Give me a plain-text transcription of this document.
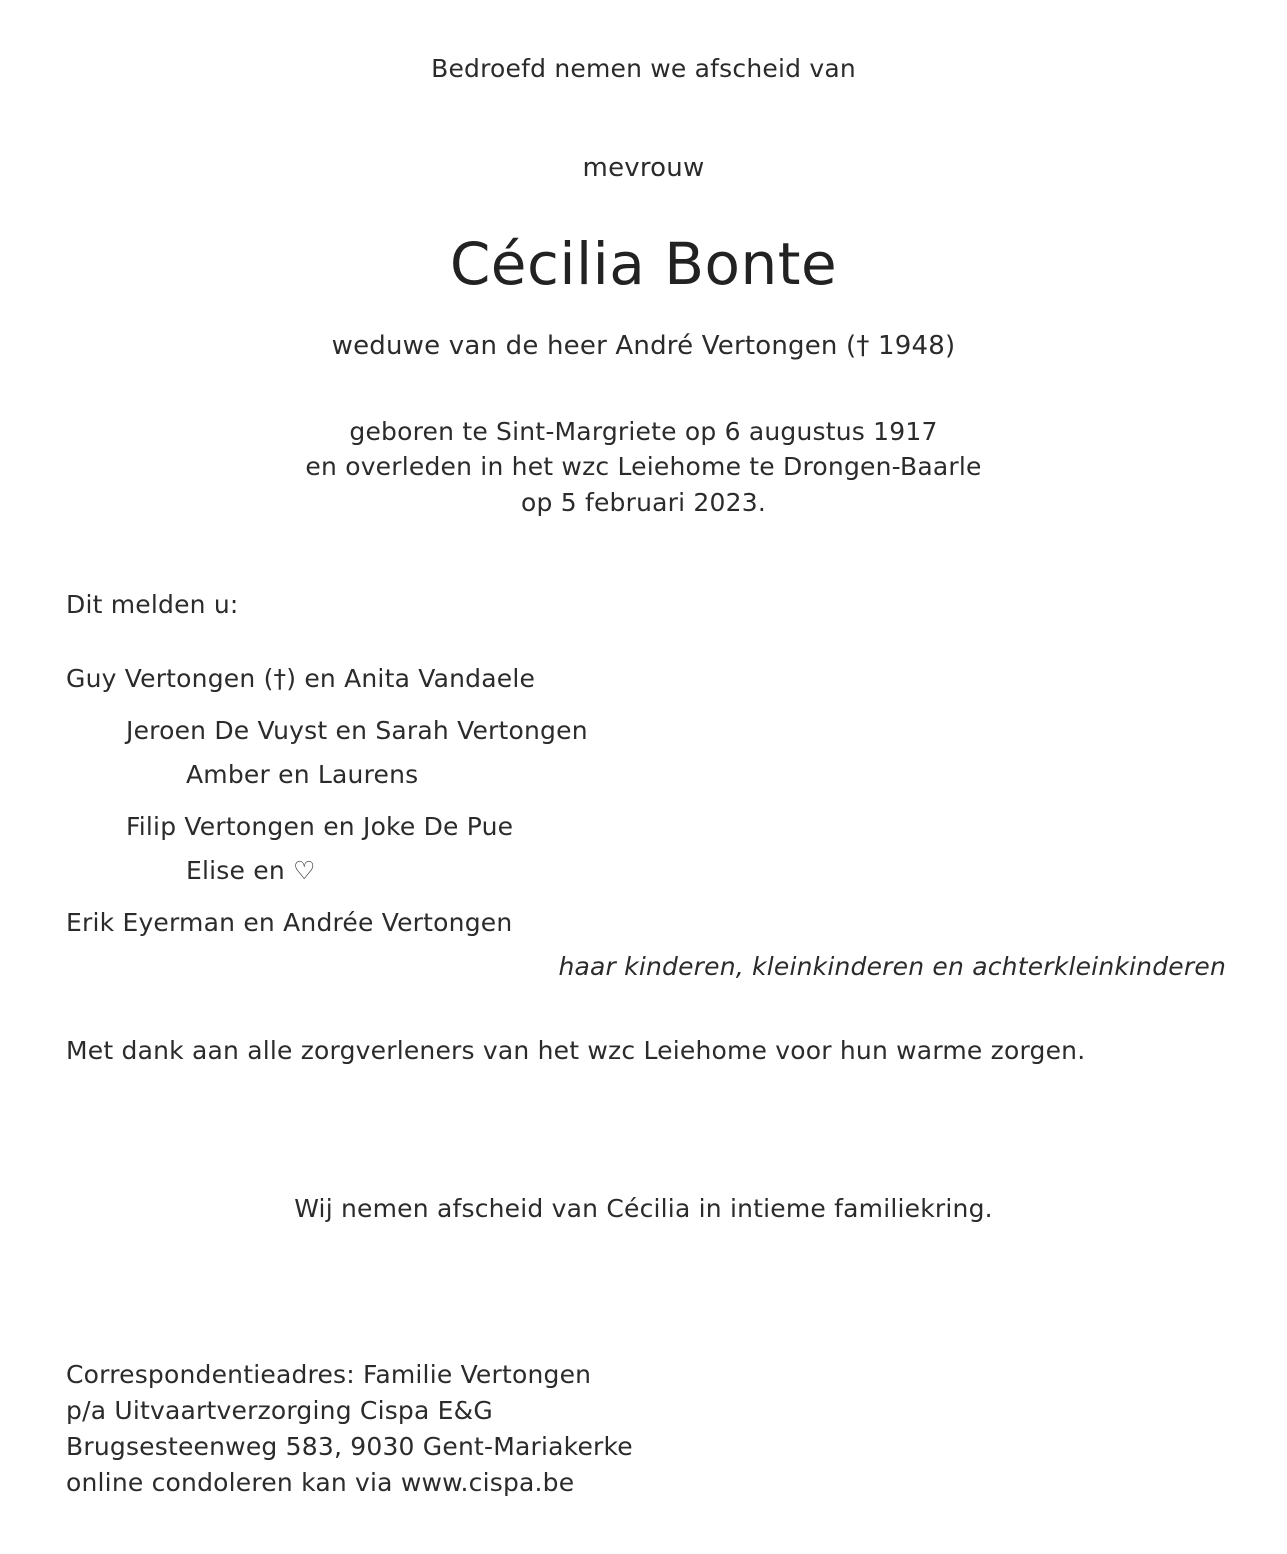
Bedroefd nemen we afscheid van
mevrouw
Cécilia Bonte
weduwe van de heer André Vertongen († 1948)
geboren te Sint-Margriete op 6 augustus 1917
en overleden in het wzc Leiehome te Drongen-Baarle
op 5 februari 2023.
Dit melden u:
Guy Vertongen (†) en Anita Vandaele
Jeroen De Vuyst en Sarah Vertongen
Amber en Laurens
Filip Vertongen en Joke De Pue
Elise en ♡
Erik Eyerman en Andrée Vertongen
haar kinderen, kleinkinderen en achterkleinkinderen
Met dank aan alle zorgverleners van het wzc Leiehome voor hun warme zorgen.
Wij nemen afscheid van Cécilia in intieme familiekring.
Correspondentieadres: Familie Vertongen
p/a Uitvaartverzorging Cispa E&G
Brugsesteenweg 583, 9030 Gent-Mariakerke
online condoleren kan via www.cispa.be
